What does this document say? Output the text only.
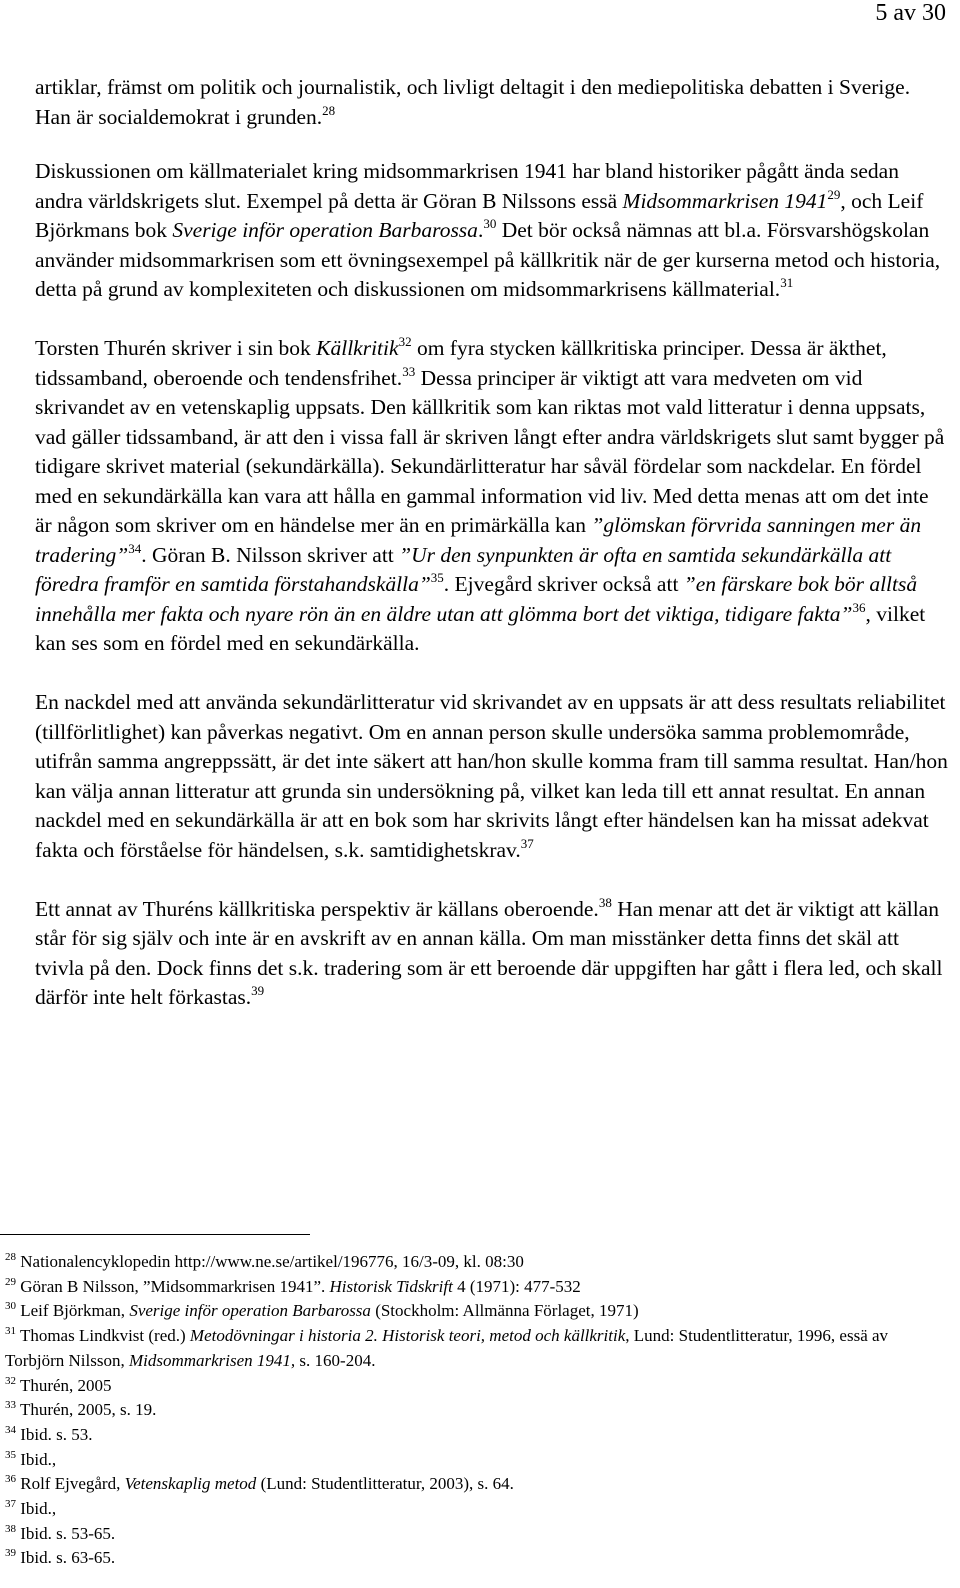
5 av 30

artiklar, främst om politik och journalistik, och livligt deltagit i den mediepolitiska debatten i Sverige. Han är socialdemokrat i grunden.$^{28}$

Diskussionen om källmaterialet kring midsommarkrisen 1941 har bland historiker pågått ända sedan andra världskrigets slut. Exempel på detta är Göran B Nilssons essä Midsommarkrisen 1941$^{29}$, och Leif Björkmans bok Sverige inför operation Barbarossa.$^{30}$ Det bör också nämnas att bl.a. Försvarshögskolan använder midsommarkrisen som ett övningsexempel på källkritik när de ger kurserna metod och historia, detta på grund av komplexiteten och diskussionen om midsommarkrisens källmaterial.$^{31}$

Torsten Thurén skriver i sin bok Källkritik$^{32}$ om fyra stycken källkritiska principer. Dessa är äkthet, tidssamband, oberoende och tendensfrihet.$^{33}$ Dessa principer är viktigt att vara medveten om vid skrivandet av en vetenskaplig uppsats. Den källkritik som kan riktas mot vald litteratur i denna uppsats, vad gäller tidssamband, är att den i vissa fall är skriven långt efter andra världskrigets slut samt bygger på tidigare skrivet material (sekundärkälla). Sekundärlitteratur har såväl fördelar som nackdelar. En fördel med en sekundärkälla kan vara att hålla en gammal information vid liv. Med detta menas att om det inte är någon som skriver om en händelse mer än en primärkälla kan ”glömskan förvrida sanningen mer än tradering”$^{34}$. Göran B. Nilsson skriver att ”Ur den synpunkten är ofta en samtida sekundärkälla att föredra framför en samtida förstahandskälla”$^{35}$. Ejvegård skriver också att ”en färskare bok bör alltså innehålla mer fakta och nyare rön än en äldre utan att glömma bort det viktiga, tidigare fakta”$^{36}$, vilket kan ses som en fördel med en sekundärkälla.

En nackdel med att använda sekundärlitteratur vid skrivandet av en uppsats är att dess resultats reliabilitet (tillförlitlighet) kan påverkas negativt. Om en annan person skulle undersöka samma problemområde, utifrån samma angreppssätt, är det inte säkert att han/hon skulle komma fram till samma resultat. Han/hon kan välja annan litteratur att grunda sin undersökning på, vilket kan leda till ett annat resultat. En annan nackdel med en sekundärkälla är att en bok som har skrivits långt efter händelsen kan ha missat adekvat fakta och förståelse för händelsen, s.k. samtidighetskrav.$^{37}$

Ett annat av Thuréns källkritiska perspektiv är källans oberoende.$^{38}$ Han menar att det är viktigt att källan står för sig själv och inte är en avskrift av en annan källa. Om man misstänker detta finns det skäl att tvivla på den. Dock finns det s.k. tradering som är ett beroende där uppgiften har gått i flera led, och skall därför inte helt förkastas.$^{39}$

$^{28}$ Nationalencyklopedin http://www.ne.se/artikel/196776, 16/3-09, kl. 08:30
$^{29}$ Göran B Nilsson, ”Midsommarkrisen 1941”. Historisk Tidskrift 4 (1971): 477-532
$^{30}$ Leif Björkman, Sverige inför operation Barbarossa (Stockholm: Allmänna Förlaget, 1971)
$^{31}$ Thomas Lindkvist (red.) Metodövningar i historia 2. Historisk teori, metod och källkritik, Lund: Studentlitteratur, 1996, essä av Torbjörn Nilsson, Midsommarkrisen 1941, s. 160-204.
$^{32}$ Thurén, 2005
$^{33}$ Thurén, 2005, s. 19.
$^{34}$ Ibid. s. 53.
$^{35}$ Ibid.,
$^{36}$ Rolf Ejvegård, Vetenskaplig metod (Lund: Studentlitteratur, 2003), s. 64.
$^{37}$ Ibid.,
$^{38}$ Ibid. s. 53-65.
$^{39}$ Ibid. s. 63-65.
